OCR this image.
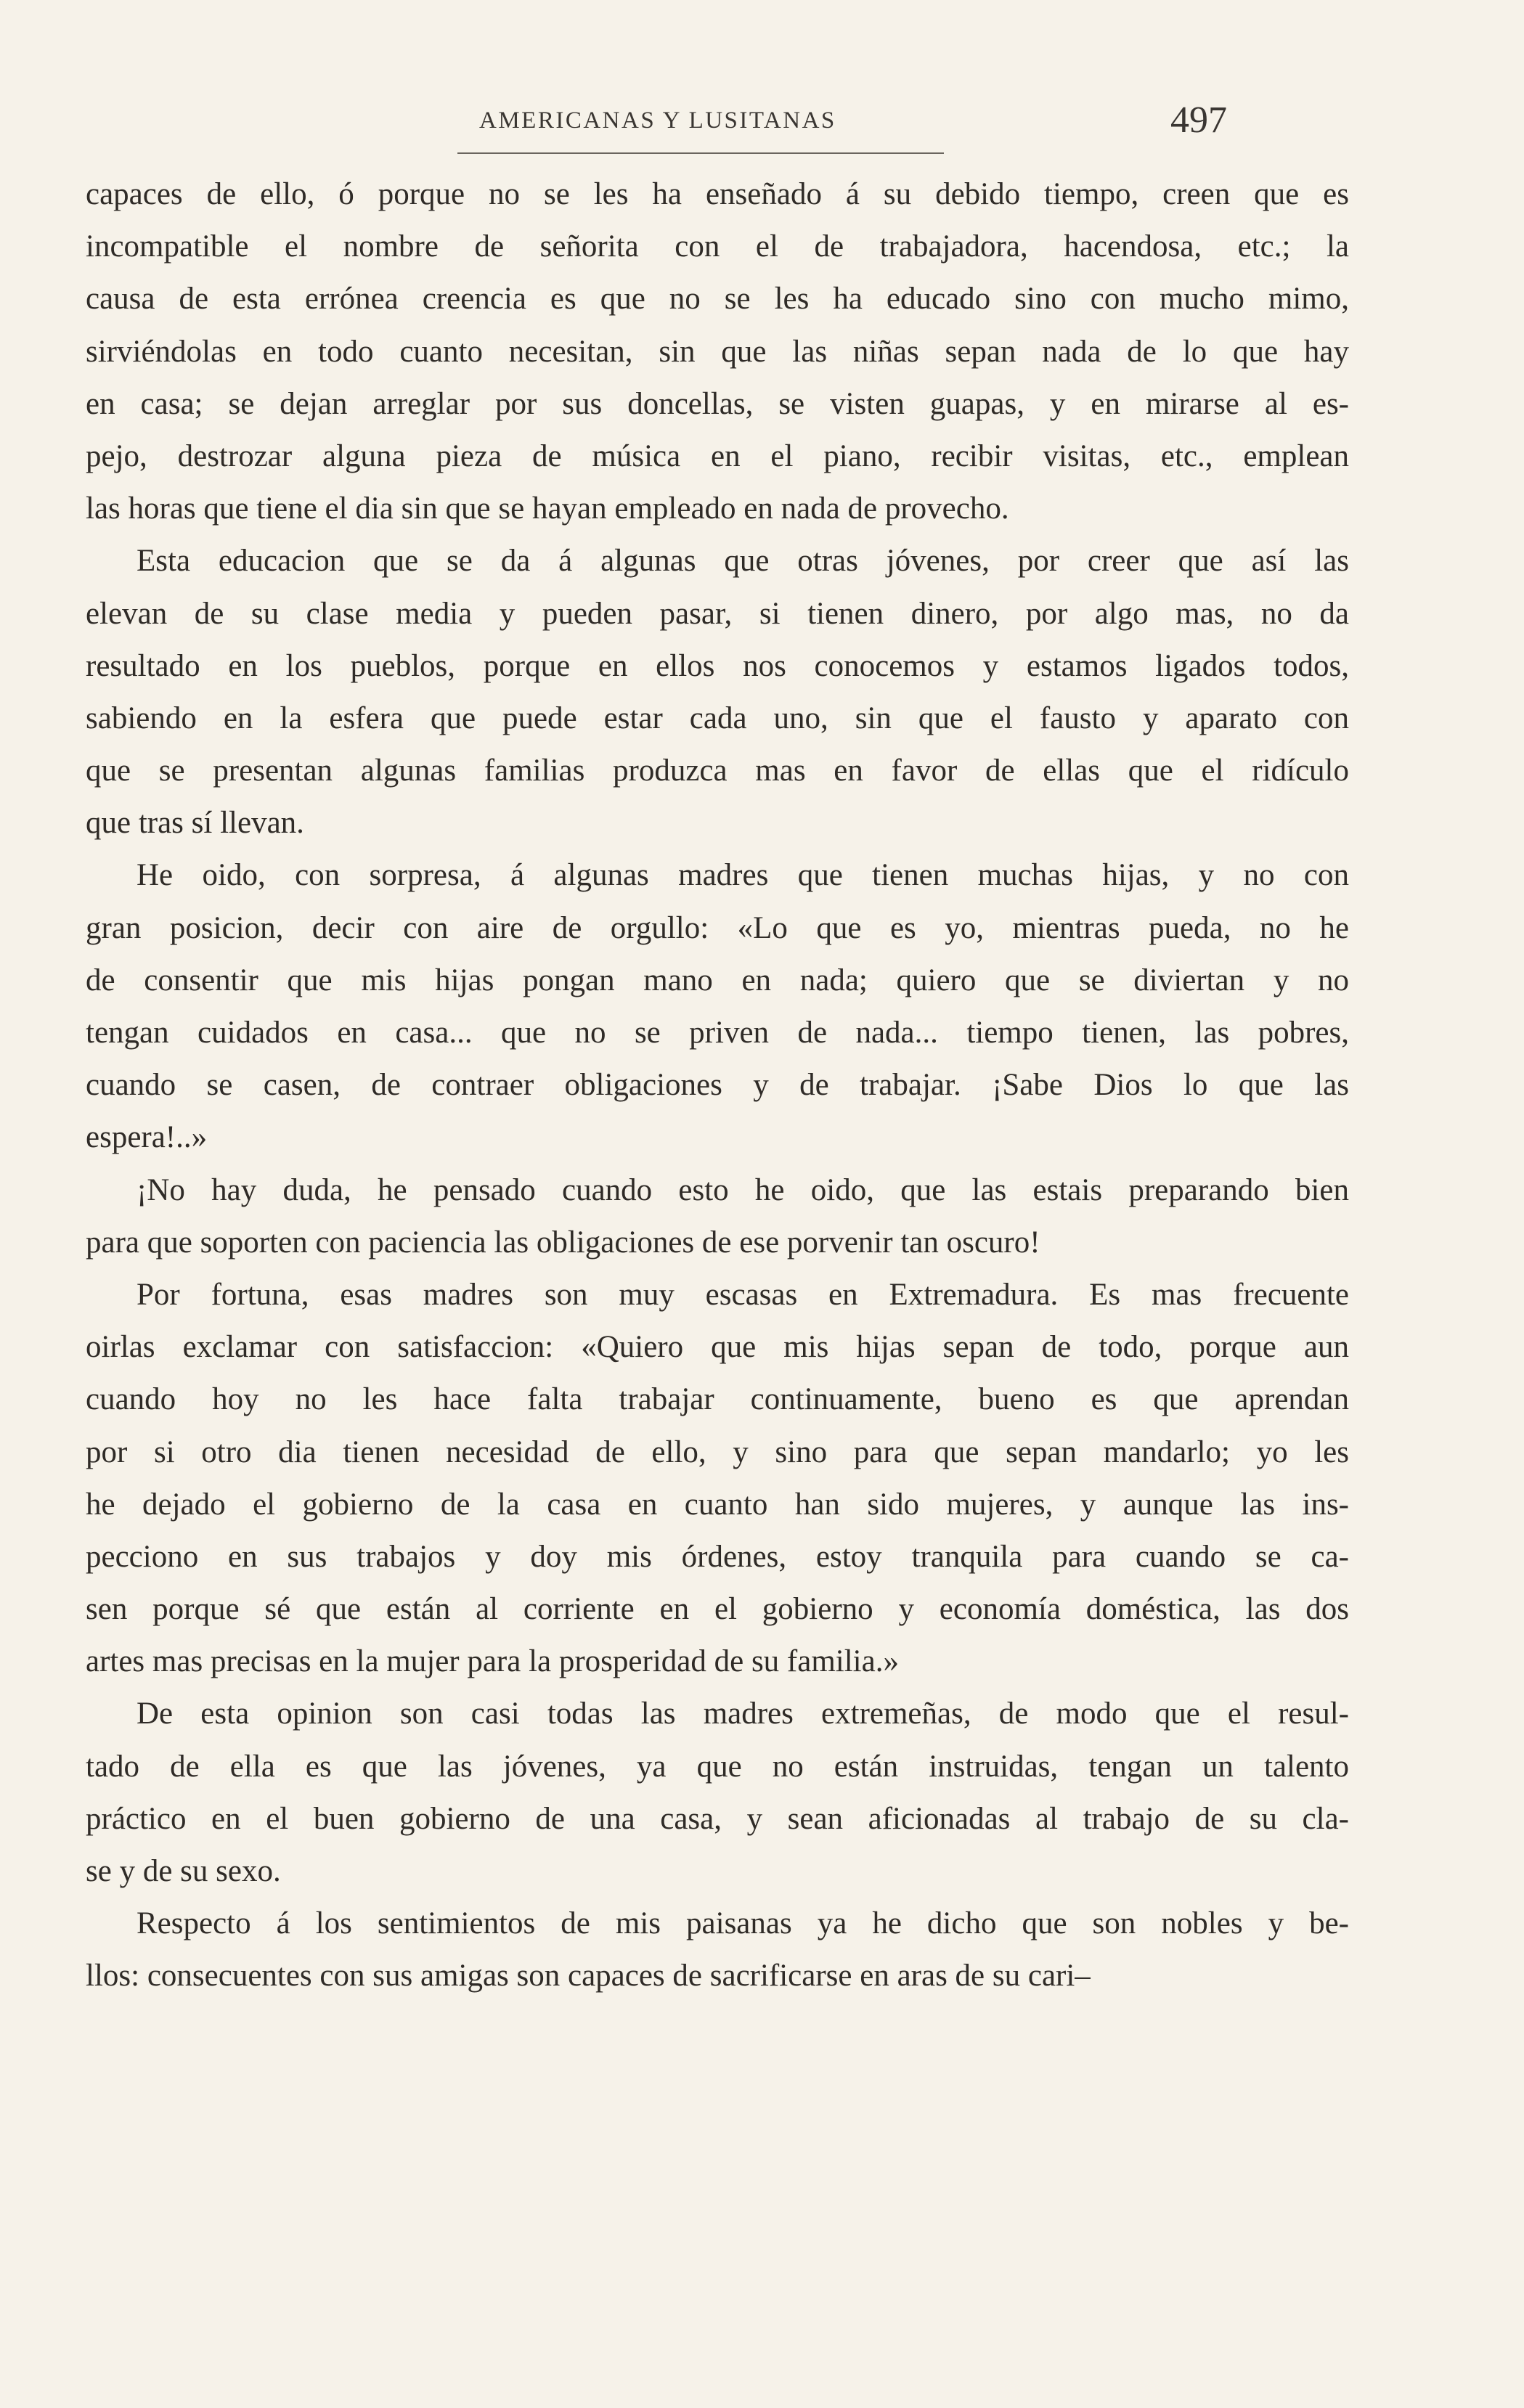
AMERICANAS Y LUSITANAS	497
capaces de ello, ó porque no se les ha enseñado á su debido tiempo, creen que es
incompatible el nombre de señorita con el de trabajadora, hacendosa, etc.; la
causa de esta errónea creencia es que no se les ha educado sino con mucho mimo,
sirviéndolas en todo cuanto necesitan, sin que las niñas sepan nada de lo que hay
en casa; se dejan arreglar por sus doncellas, se visten guapas, y en mirarse al es-
pejo, destrozar alguna pieza de música en el piano, recibir visitas, etc., emplean
las horas que tiene el dia sin que se hayan empleado en nada de provecho.
Esta educacion que se da á algunas que otras jóvenes, por creer que así las
elevan de su clase media y pueden pasar, si tienen dinero, por algo mas, no da
resultado en los pueblos, porque en ellos nos conocemos y estamos ligados todos,
sabiendo en la esfera que puede estar cada uno, sin que el fausto y aparato con
que se presentan algunas familias produzca mas en favor de ellas que el ridículo
que tras sí llevan.
He oido, con sorpresa, á algunas madres que tienen muchas hijas, y no con
gran posicion, decir con aire de orgullo: «Lo que es yo, mientras pueda, no he
de consentir que mis hijas pongan mano en nada; quiero que se diviertan y no
tengan cuidados en casa... que no se priven de nada... tiempo tienen, las pobres,
cuando se casen, de contraer obligaciones y de trabajar. ¡Sabe Dios lo que las
espera!..»
¡No hay duda, he pensado cuando esto he oido, que las estais preparando bien
para que soporten con paciencia las obligaciones de ese porvenir tan oscuro!
Por fortuna, esas madres son muy escasas en Extremadura. Es mas frecuente
oirlas exclamar con satisfaccion: «Quiero que mis hijas sepan de todo, porque aun
cuando hoy no les hace falta trabajar continuamente, bueno es que aprendan
por si otro dia tienen necesidad de ello, y sino para que sepan mandarlo; yo les
he dejado el gobierno de la casa en cuanto han sido mujeres, y aunque las ins-
pecciono en sus trabajos y doy mis órdenes, estoy tranquila para cuando se ca-
sen porque sé que están al corriente en el gobierno y economía doméstica, las dos
artes mas precisas en la mujer para la prosperidad de su familia.»
De esta opinion son casi todas las madres extremeñas, de modo que el resul-
tado de ella es que las jóvenes, ya que no están instruidas, tengan un talento
práctico en el buen gobierno de una casa, y sean aficionadas al trabajo de su cla-
se y de su sexo.
Respecto á los sentimientos de mis paisanas ya he dicho que son nobles y be-
llos: consecuentes con sus amigas son capaces de sacrificarse en aras de su cari–
